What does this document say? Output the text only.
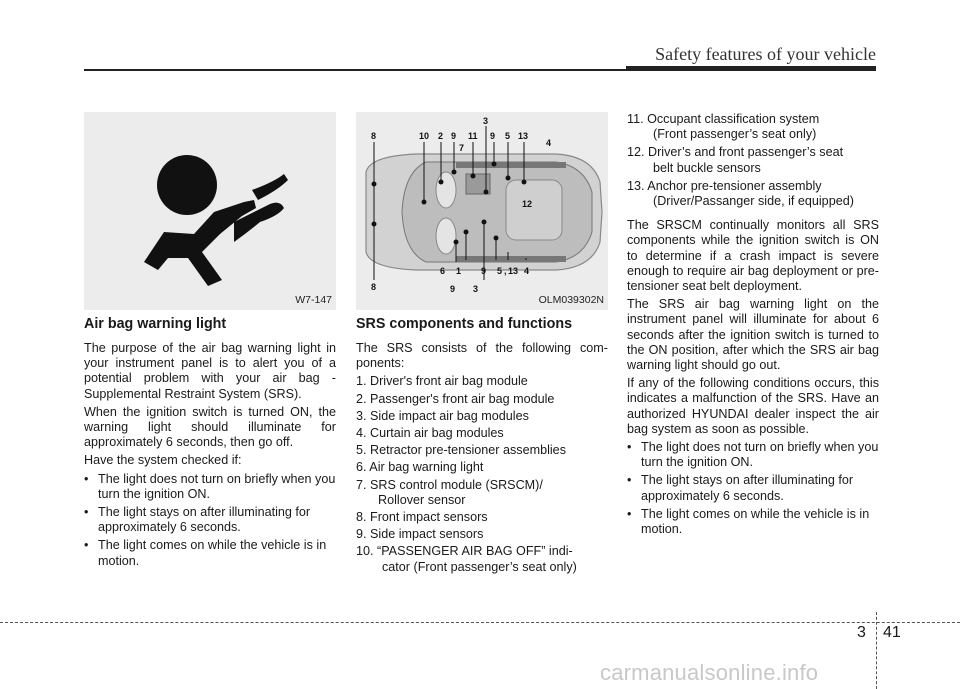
Safety features of your vehicle
W7-147
Air bag warning light

The purpose of the air bag warning light in your instrument panel is to alert you of a potential problem with your air bag - Supplemental Restraint System (SRS).

When the ignition switch is turned ON, the warning light should illuminate for approximately 6 seconds, then go off.

Have the system checked if:

• The light does not turn on briefly when you turn the ignition ON.
• The light stays on after illuminating for approximately 6 seconds.
• The light comes on while the vehicle is in motion.
8	10 2 9 11 9 5 13
3
7	4
12
8
6 1 9 5 , 13 4
9 3
OLM039302N
SRS components and functions

The SRS consists of the following com-ponents:

1. Driver's front air bag module
2. Passenger's front air bag module
3. Side impact air bag modules
4. Curtain air bag modules
5. Retractor pre-tensioner assemblies
6. Air bag warning light
7. SRS control module (SRSCM)/
Rollover sensor
8. Front impact sensors
9. Side impact sensors
10. “PASSENGER AIR BAG OFF” indi-
cator (Front passenger’s seat only)
11. Occupant classification system
(Front passenger’s seat only)
12. Driver’s and front passenger’s seat
belt buckle sensors
13. Anchor pre-tensioner assembly
(Driver/Passanger side, if equipped)

The SRSCM continually monitors all SRS components while the ignition switch is ON to determine if a crash impact is severe enough to require air bag deployment or pre-tensioner seat belt deployment.

The SRS air bag warning light on the instrument panel will illuminate for about 6 seconds after the ignition switch is turned to the ON position, after which the SRS air bag warning light should go out.

If any of the following conditions occurs, this indicates a malfunction of the SRS. Have an authorized HYUNDAI dealer inspect the air bag system as soon as possible.

• The light does not turn on briefly when you turn the ignition ON.
• The light stays on after illuminating for approximately 6 seconds.
• The light comes on while the vehicle is in motion.
3 41
carmanualsonline.info
